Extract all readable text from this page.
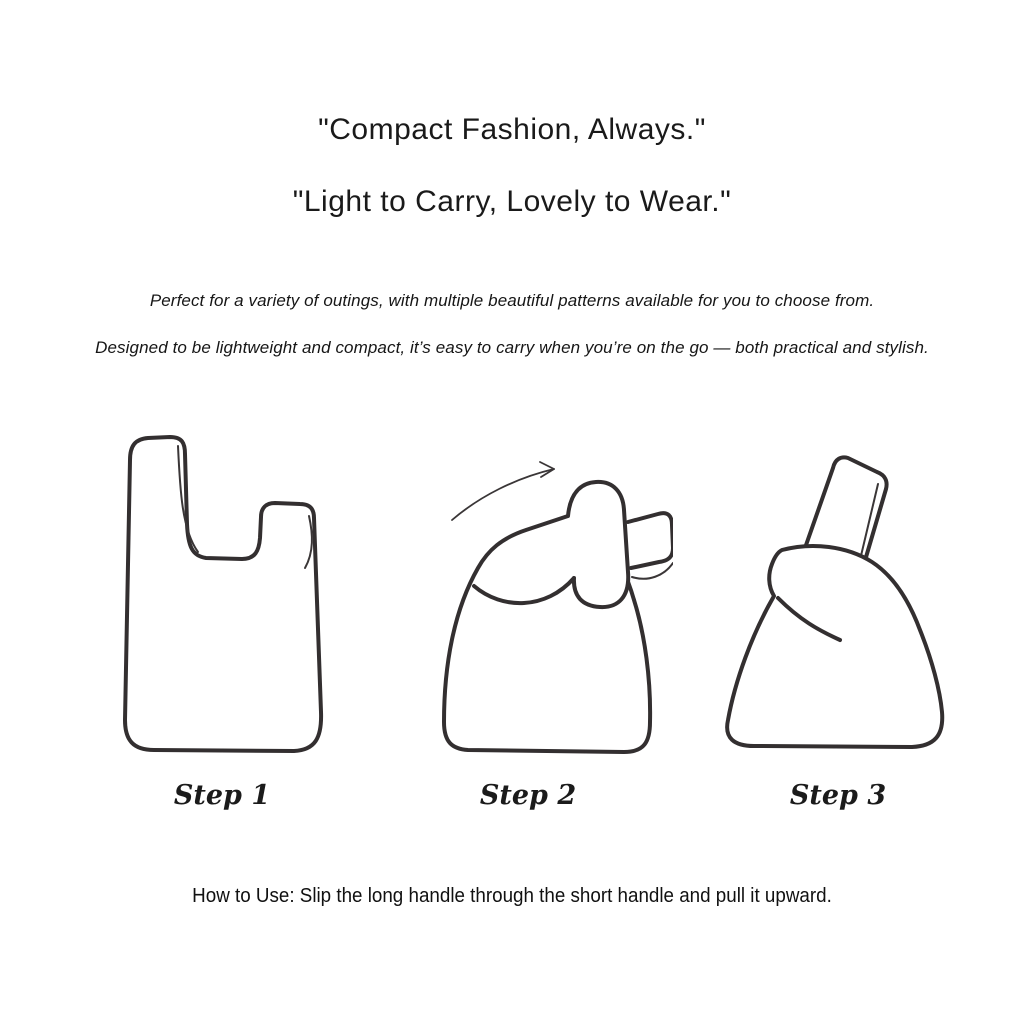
"Compact Fashion, Always."
"Light to Carry, Lovely to Wear."
Perfect for a variety of outings, with multiple beautiful patterns available for you to choose from.
Designed to be lightweight and compact, it’s easy to carry when you’re on the go — both practical and stylish.
Step 1	Step 2	Step 3
How to Use: Slip the long handle through the short handle and pull it upward.
